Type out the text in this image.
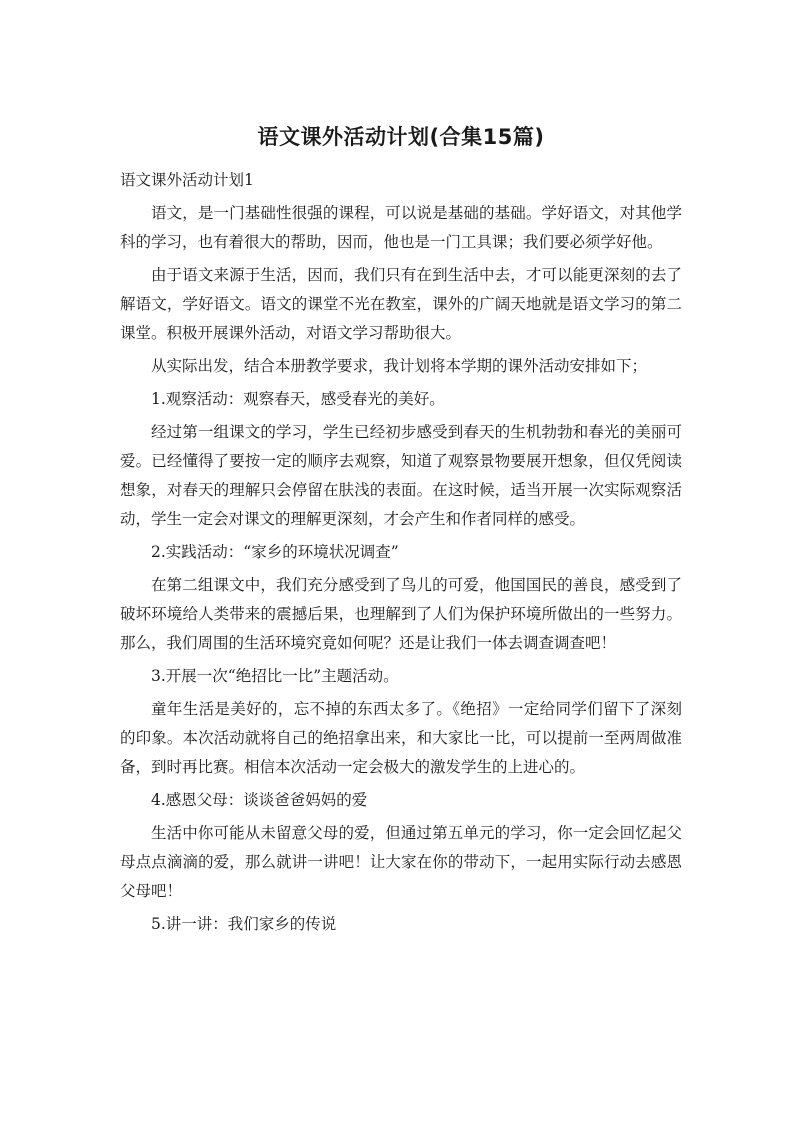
语文课外活动计划(合集15篇)

语文课外活动计划1

语文，是一门基础性很强的课程，可以说是基础的基础。学好语文，对其他学科的学习，也有着很大的帮助，因而，他也是一门工具课；我们要必须学好他。

由于语文来源于生活，因而，我们只有在到生活中去，才可以能更深刻的去了解语文，学好语文。语文的课堂不光在教室，课外的广阔天地就是语文学习的第二课堂。积极开展课外活动，对语文学习帮助很大。

从实际出发，结合本册教学要求，我计划将本学期的课外活动安排如下；

1.观察活动：观察春天，感受春光的美好。

经过第一组课文的学习，学生已经初步感受到春天的生机勃勃和春光的美丽可爱。已经懂得了要按一定的顺序去观察，知道了观察景物要展开想象，但仅凭阅读想象，对春天的理解只会停留在肤浅的表面。在这时候，适当开展一次实际观察活动，学生一定会对课文的理解更深刻，才会产生和作者同样的感受。

2.实践活动：“家乡的环境状况调查”

在第二组课文中，我们充分感受到了鸟儿的可爱，他国国民的善良，感受到了破坏环境给人类带来的震撼后果，也理解到了人们为保护环境所做出的一些努力。那么，我们周围的生活环境究竟如何呢？还是让我们一体去调查调查吧！

3.开展一次“绝招比一比”主题活动。

童年生活是美好的，忘不掉的东西太多了。《绝招》一定给同学们留下了深刻的印象。本次活动就将自己的绝招拿出来，和大家比一比，可以提前一至两周做准备，到时再比赛。相信本次活动一定会极大的激发学生的上进心的。

4.感恩父母：谈谈爸爸妈妈的爱

生活中你可能从未留意父母的爱，但通过第五单元的学习，你一定会回忆起父母点点滴滴的爱，那么就讲一讲吧！让大家在你的带动下，一起用实际行动去感恩父母吧！

5.讲一讲：我们家乡的传说
